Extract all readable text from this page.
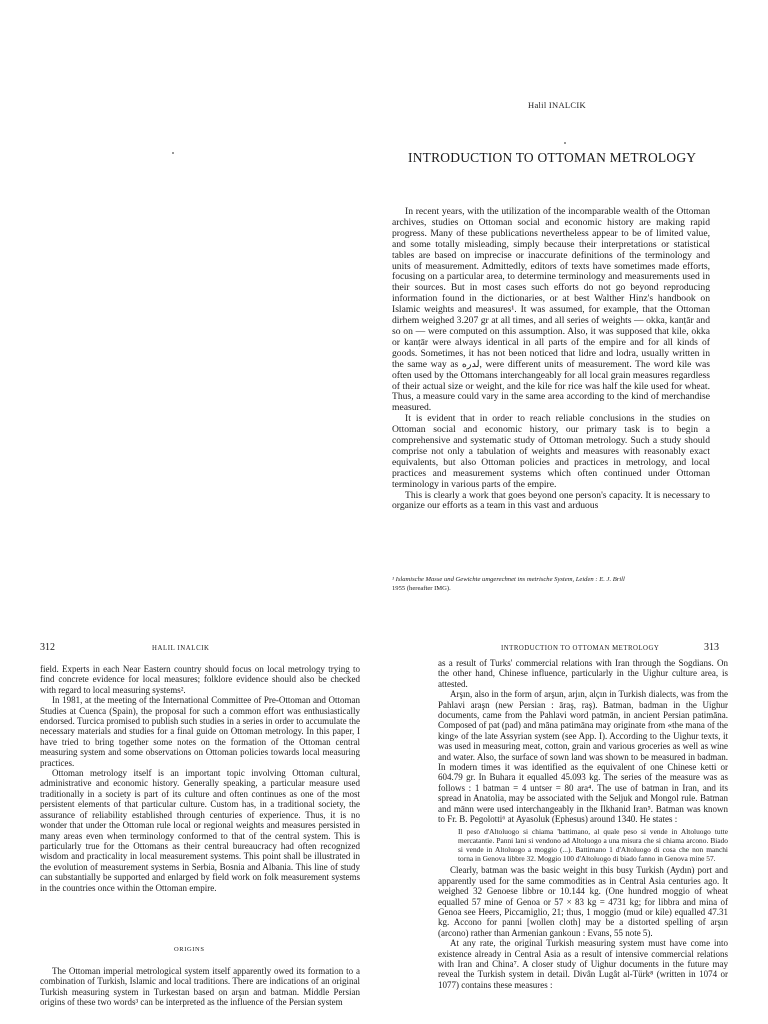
Halil INALCIK
INTRODUCTION TO OTTOMAN METROLOGY

In recent years, with the utilization of the incomparable wealth of the Ottoman archives, studies on Ottoman social and economic history are making rapid progress. Many of these publications nevertheless appear to be of limited value, and some totally misleading, simply because their interpretations or statistical tables are based on imprecise or inaccurate definitions of the terminology and units of measurement. Admittedly, editors of texts have sometimes made efforts, focusing on a particular area, to determine terminology and measurements used in their sources. But in most cases such efforts do not go beyond reproducing information found in the dictionaries, or at best Walther Hinz's handbook on Islamic weights and measures¹. It was assumed, for example, that the Ottoman dirhem weighed 3.207 gr at all times, and all series of weights — okka, kanṭār and so on — were computed on this assumption. Also, it was supposed that kile, okka or kanṭār were always identical in all parts of the empire and for all kinds of goods. Sometimes, it has not been noticed that lidre and lodra, usually written in the same way as لدره, were different units of measurement. The word kile was often used by the Ottomans interchangeably for all local grain measures regardless of their actual size or weight, and the kile for rice was half the kile used for wheat. Thus, a measure could vary in the same area according to the kind of merchandise measured.

It is evident that in order to reach reliable conclusions in the studies on Ottoman social and economic history, our primary task is to begin a comprehensive and systematic study of Ottoman metrology. Such a study should comprise not only a tabulation of weights and measures with reasonably exact equivalents, but also Ottoman policies and practices in metrology, and local practices and measurement systems which often continued under Ottoman terminology in various parts of the empire.

This is clearly a work that goes beyond one person's capacity. It is necessary to organize our efforts as a team in this vast and arduous

¹ Islamische Masse und Gewichte umgerechnet ins metrische System, Leiden : E. J. Brill
1955 (hereafter IMG).
312	HALIL INALCIK

field. Experts in each Near Eastern country should focus on local metrology trying to find concrete evidence for local measures; folklore evidence should also be checked with regard to local measuring systems².

In 1981, at the meeting of the International Committee of Pre-Ottoman and Ottoman Studies at Cuenca (Spain), the proposal for such a common effort was enthusiastically endorsed. Turcica promised to publish such studies in a series in order to accumulate the necessary materials and studies for a final guide on Ottoman metrology. In this paper, I have tried to bring together some notes on the formation of the Ottoman central measuring system and some observations on Ottoman policies towards local measuring practices.

Ottoman metrology itself is an important topic involving Ottoman cultural, administrative and economic history. Generally speaking, a particular measure used traditionally in a society is part of its culture and often continues as one of the most persistent elements of that particular culture. Custom has, in a traditional society, the assurance of reliability established through centuries of experience. Thus, it is no wonder that under the Ottoman rule local or regional weights and measures persisted in many areas even when terminology conformed to that of the central system. This is particularly true for the Ottomans as their central bureaucracy had often recognized wisdom and practicality in local measurement systems. This point shall be illustrated in the evolution of measurement systems in Serbia, Bosnia and Albania. This line of study can substantially be supported and enlarged by field work on folk measurement systems in the countries once within the Ottoman empire.

ORIGINS

The Ottoman imperial metrological system itself apparently owed its formation to a combination of Turkish, Islamic and local traditions. There are indications of an original Turkish measuring system in Turkestan based on arşın and batman. Middle Persian origins of these two words³ can be interpreted as the influence of the Persian system

INTRODUCTION TO OTTOMAN METROLOGY	313

as a result of Turks' commercial relations with Iran through the Sogdians. On the other hand, Chinese influence, particularly in the Uighur culture area, is attested.

Arşın, also in the form of arşun, arjın, alçın in Turkish dialects, was from the Pahlavi araşn (new Persian : āraş, raş). Batman, badman in the Uighur documents, came from the Pahlavi word patmān, in ancient Persian patimāna. Composed of pat (pad) and māna patimāna may originate from «the mana of the king» of the late Assyrian system (see App. I). According to the Uighur texts, it was used in measuring meat, cotton, grain and various groceries as well as wine and water. Also, the surface of sown land was shown to be measured in badman. In modern times it was identified as the equivalent of one Chinese ketti or 604.79 gr. In Buhara it equalled 45.093 kg. The series of the measure was as follows : 1 batman = 4 untser = 80 ara⁴. The use of batman in Iran, and its spread in Anatolia, may be associated with the Seljuk and Mongol rule. Batman and mānn were used interchangeably in the Ilkhanid Iran⁵. Batman was known to Fr. B. Pegolotti⁶ at Ayasoluk (Ephesus) around 1340. He states :

Il peso d'Altoluogo si chiama 'battimano, al quale peso si vende in Altoluogo tutte mercatantie. Panni lani si vendono ad Altoluogo a una misura che si chiama arcono. Biado si vende in Altoluogo a moggio (...). Battimano 1 d'Altoluogo di cosa che non manchi torna in Genova libbre 32. Moggio 100 d'Altoluogo di biado fanno in Genova mine 57.

Clearly, batman was the basic weight in this busy Turkish (Aydın) port and apparently used for the same commodities as in Central Asia centuries ago. It weighed 32 Genoese libbre or 10.144 kg. (One hundred moggio of wheat equalled 57 mine of Genoa or 57 × 83 kg = 4731 kg; for libbra and mina of Genoa see Heers, Piccamiglio, 21; thus, 1 moggio (mud or kile) equalled 47.31 kg. Accono for panni [wollen cloth] may be a distorted spelling of arşın (arcono) rather than Armenian gankoun : Evans, 55 note 5).

At any rate, the original Turkish measuring system must have come into existence already in Central Asia as a result of intensive commercial relations with Iran and China⁷. A closer study of Uighur documents in the future may reveal the Turkish system in detail. Divân Lugât al-Türk⁸ (written in 1074 or 1077) contains these measures :
